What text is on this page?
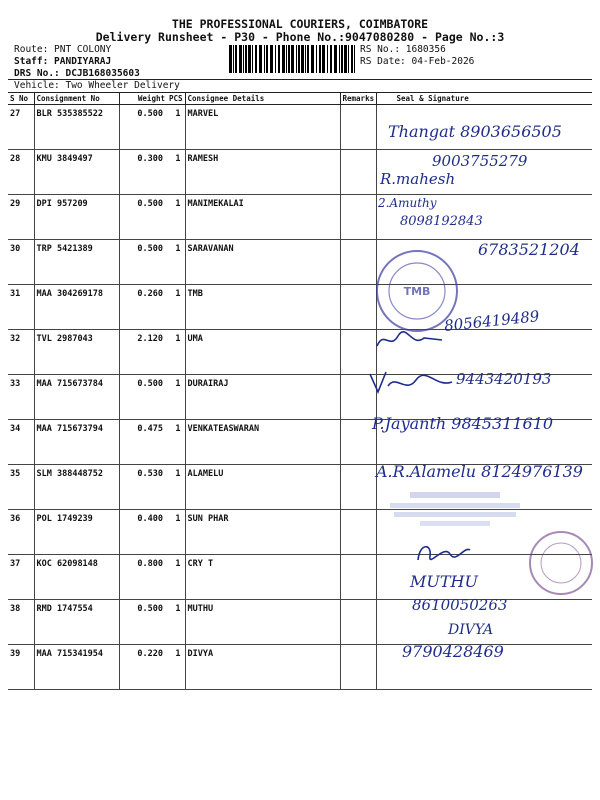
THE PROFESSIONAL COURIERS, COIMBATORE
Delivery Runsheet - P30 - Phone No.:9047080280 - Page No.:3
Route: PNT COLONY
Staff: PANDIYARAJ
DRS No.: DCJB168035603
RS No.: 1680356
RS Date: 04-Feb-2026
Vehicle: Two Wheeler Delivery
S No	Consignment No	Weight	PCS	Consignee Details	Remarks	Seal & Signature
27	BLR 535385522	0.500	1	MARVEL		
28	KMU 3849497	0.300	1	RAMESH		
29	DPI 957209	0.500	1	MANIMEKALAI		
30	TRP 5421389	0.500	1	SARAVANAN		
31	MAA 304269178	0.260	1	TMB		
32	TVL 2987043	2.120	1	UMA		
33	MAA 715673784	0.500	1	DURAIRAJ		
34	MAA 715673794	0.475	1	VENKATEASWARAN		
35	SLM 388448752	0.530	1	ALAMELU		
36	POL 1749239	0.400	1	SUN PHAR		
37	KOC 62098148	0.800	1	CRY T		
38	RMD 1747554	0.500	1	MUTHU		
39	MAA 715341954	0.220	1	DIVYA		
TMB
Thangat 8903656505
9003755279
R.mahesh
2.Amuthy
8098192843
6783521204
8056419489
9443420193
P.Jayanth 9845311610
A.R.Alamelu 8124976139
MUTHU
8610050263
DIVYA
9790428469
